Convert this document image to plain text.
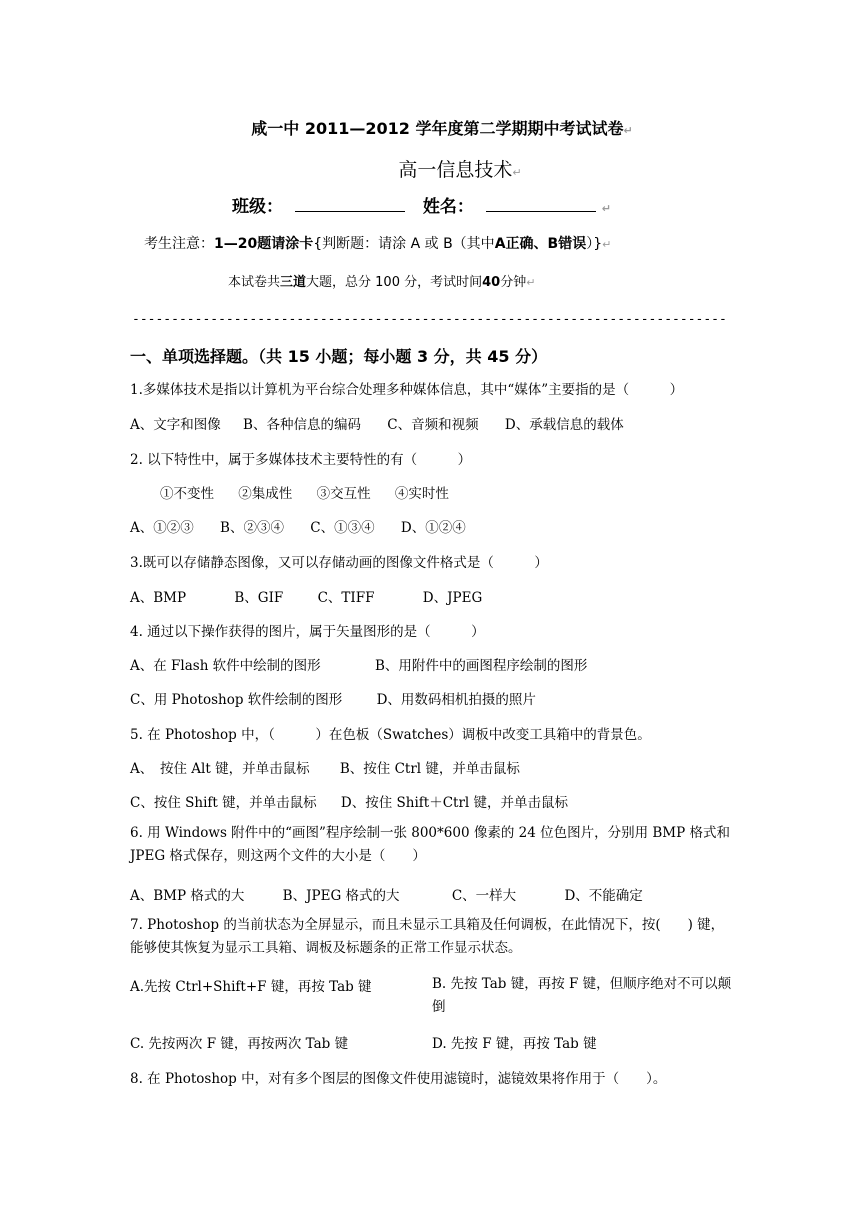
咸一中 2011—2012 学年度第二学期期中考试试卷↵
高一信息技术↵
班级：	姓名：	↵
考生注意：1—20题请涂卡{判断题：请涂 A 或 B（其中A正确、B错误）}↵
本试卷共三道大题，总分 100 分，考试时间40分钟↵
----------------------------------------------------------------------------
一、单项选择题。（共 15 小题；每小题 3 分，共 45 分）
1.多媒体技术是指以计算机为平台综合处理多种媒体信息，其中“媒体”主要指的是（　　　）
A、文字和图像 B、各种信息的编码 C、音频和视频 D、承载信息的载体
2. 以下特性中，属于多媒体技术主要特性的有（　　　）
①不变性 ②集成性 ③交互性 ④实时性
A、①②③ B、②③④ C、①③④ D、①②④
3.既可以存储静态图像，又可以存储动画的图像文件格式是（　　　）
A、BMP	B、GIF	C、TIFF	D、JPEG
4. 通过以下操作获得的图片，属于矢量图形的是（　　　）
A、在 Flash 软件中绘制的图形	B、用附件中的画图程序绘制的图形
C、用 Photoshop 软件绘制的图形	D、用数码相机拍摄的照片
5. 在 Photoshop 中，（　　　）在色板（Swatches）调板中改变工具箱中的背景色。
A、　按住 Alt 键，并单击鼠标 B、按住 Ctrl 键，并单击鼠标
C、按住 Shift 键，并单击鼠标 D、按住 Shift＋Ctrl 键，并单击鼠标
6. 用 Windows 附件中的“画图”程序绘制一张 800*600 像素的 24 位色图片，分别用 BMP 格式和 JPEG 格式保存，则这两个文件的大小是（　　）
A、BMP 格式的大	B、JPEG 格式的大	C、一样大	D、不能确定
7. Photoshop 的当前状态为全屏显示，而且未显示工具箱及任何调板，在此情况下，按(　　) 键，能够使其恢复为显示工具箱、调板及标题条的正常工作显示状态。
A.先按 Ctrl+Shift+F 键，再按 Tab 键	B. 先按 Tab 键，再按 F 键，但顺序绝对不可以颠倒
C. 先按两次 F 键，再按两次 Tab 键	D. 先按 F 键，再按 Tab 键
8. 在 Photoshop 中，对有多个图层的图像文件使用滤镜时，滤镜效果将作用于（　　）。
